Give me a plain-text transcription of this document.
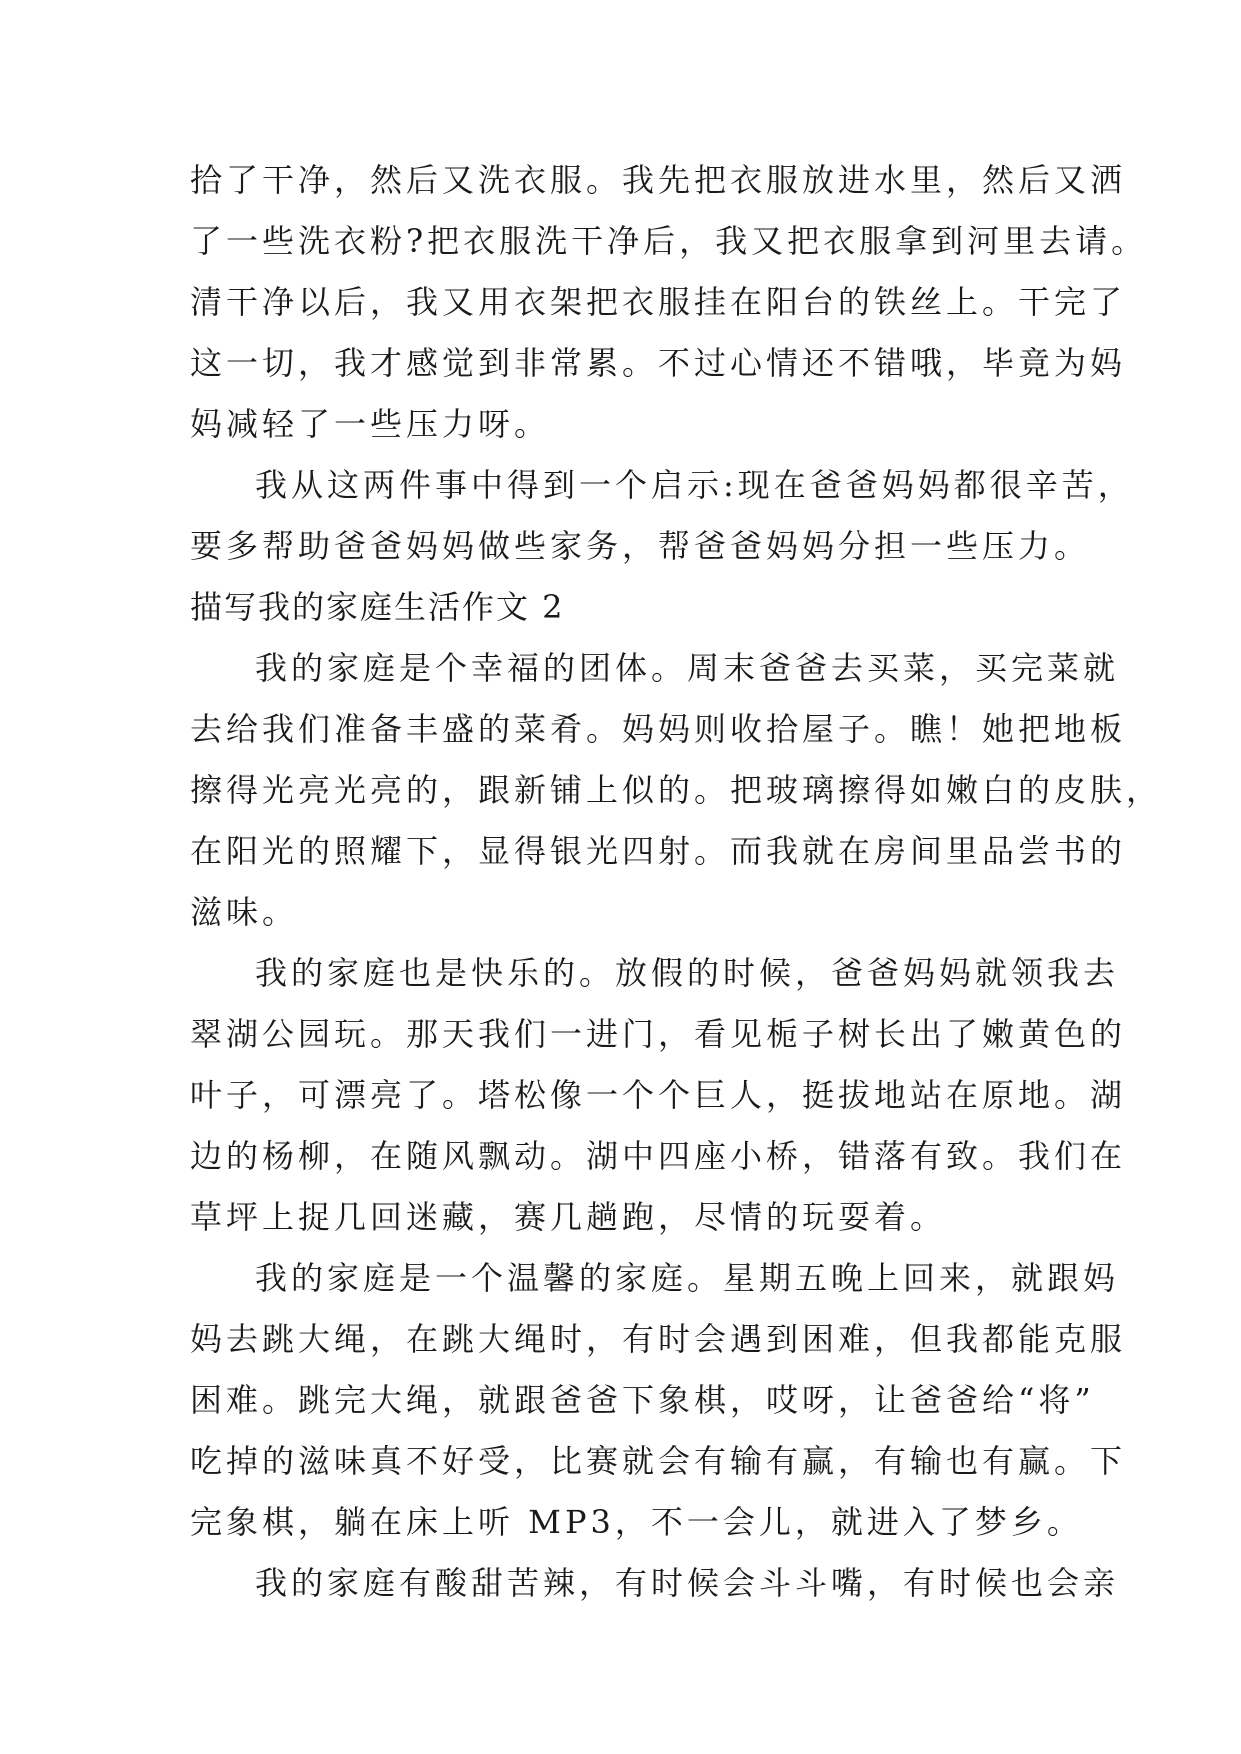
拾了干净，然后又洗衣服。我先把衣服放进水里，然后又洒
了一些洗衣粉?把衣服洗干净后，我又把衣服拿到河里去请。
清干净以后，我又用衣架把衣服挂在阳台的铁丝上。干完了
这一切，我才感觉到非常累。不过心情还不错哦，毕竟为妈
妈减轻了一些压力呀。
我从这两件事中得到一个启示:现在爸爸妈妈都很辛苦，
要多帮助爸爸妈妈做些家务，帮爸爸妈妈分担一些压力。
描写我的家庭生活作文 2
我的家庭是个幸福的团体。周末爸爸去买菜，买完菜就
去给我们准备丰盛的菜肴。妈妈则收拾屋子。瞧！她把地板
擦得光亮光亮的，跟新铺上似的。把玻璃擦得如嫩白的皮肤，
在阳光的照耀下，显得银光四射。而我就在房间里品尝书的
滋味。
我的家庭也是快乐的。放假的时候，爸爸妈妈就领我去
翠湖公园玩。那天我们一进门，看见栀子树长出了嫩黄色的
叶子，可漂亮了。塔松像一个个巨人，挺拔地站在原地。湖
边的杨柳，在随风飘动。湖中四座小桥，错落有致。我们在
草坪上捉几回迷藏，赛几趟跑，尽情的玩耍着。
我的家庭是一个温馨的家庭。星期五晚上回来，就跟妈
妈去跳大绳，在跳大绳时，有时会遇到困难，但我都能克服
困难。跳完大绳，就跟爸爸下象棋，哎呀，让爸爸给“将”
吃掉的滋味真不好受，比赛就会有输有赢，有输也有赢。下
完象棋，躺在床上听 MP3，不一会儿，就进入了梦乡。
我的家庭有酸甜苦辣，有时候会斗斗嘴，有时候也会亲
